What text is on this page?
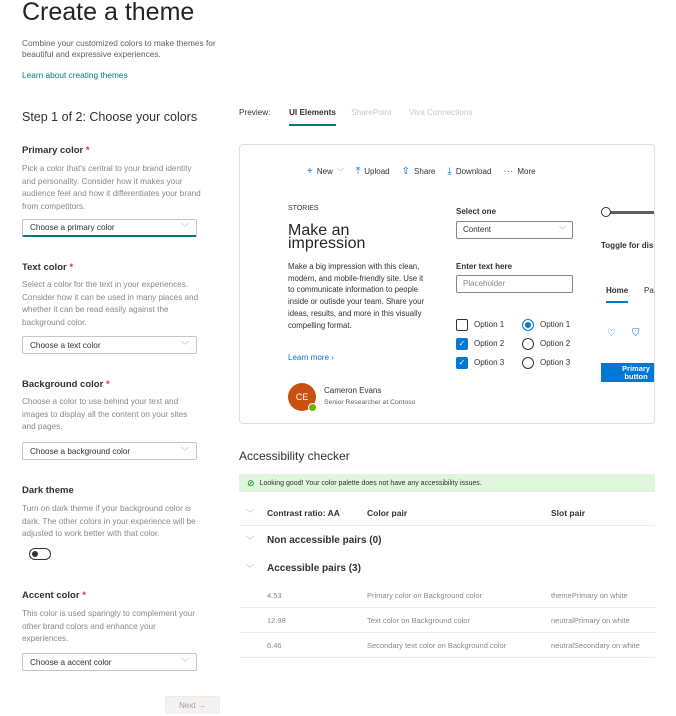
Create a theme
Combine your customized colors to make themes for beautiful and expressive experiences.
Learn about creating themes
Step 1 of 2: Choose your colors
Primary color *
Pick a color that's central to your brand identity and personality. Consider how it makes your audience feel and how it differentiates your brand from competitors.
Choose a primary color	﹀
Text color *
Select a color for the text in your experiences. Consider how it can be used in many places and whether it can be read easily against the background color.
Choose a text color	﹀
Background color *
Choose a color to use behind your text and images to display all the content on your sites and pages.
Choose a background color	﹀
Dark theme
Turn on dark theme if your background color is dark. The other colors in your experience will be adjusted to work better with that color.
Accent color *
This color is used sparingly to complement your other brand colors and enhance your experiences.
Choose a accent color	﹀
Next →
Preview: UI Elements SharePoint Viva Connections
+ New ﹀ ⤒ Upload ⇪ Share ⤓ Download ··· More
STORIES
Make an impression
Make a big impression with this clean, modern, and mobile-friendly site. Use it to communicate information to people inside or outisde your team. Share your ideas, results, and more in this visually compelling format.
Learn more ›
CE
Cameron Evans
Senior Researcher at Contoso
Select one
Content	﹀
Enter text here
Placeholder
Option 1
✓	Option 2
✓	Option 3
Option 1
Option 2
Option 3
Toggle for dis
Home Pa
♡ ⛉
Primary button
Accessibility checker
⊘ Looking good! Your color palette does not have any accessibility issues.
﹀ Contrast ratio: AA	Color pair	Slot pair
﹀ Non accessible pairs (0)
﹀ Accessible pairs (3)
4.53	Primary color on Background color	themePrimary on white
12.98	Text color on Background color	neutralPrimary on white
6.46	Secondary text color on Background color	neutralSecondary on white
